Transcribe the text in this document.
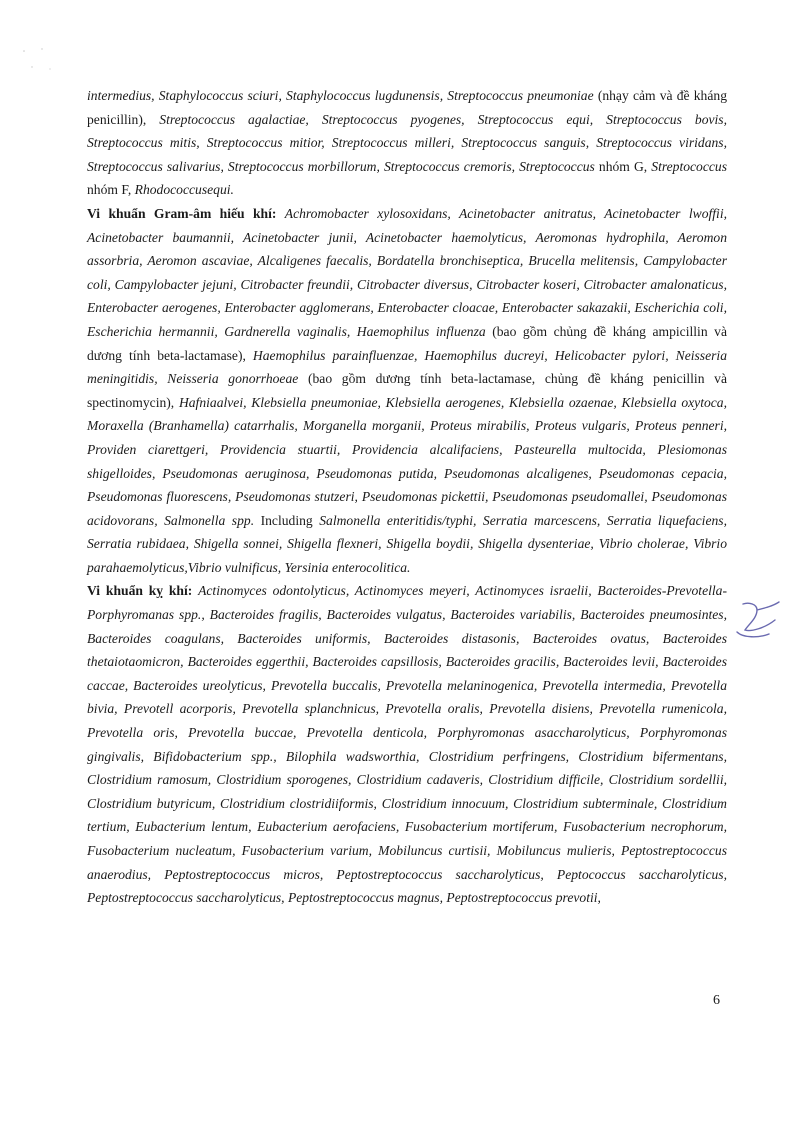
intermedius, Staphylococcus sciuri, Staphylococcus lugdunensis, Streptococcus pneumoniae (nhạy cảm và đề kháng penicillin), Streptococcus agalactiae, Streptococcus pyogenes, Streptococcus equi, Streptococcus bovis, Streptococcus mitis, Streptococcus mitior, Streptococcus milleri, Streptococcus sanguis, Streptococcus viridans, Streptococcus salivarius, Streptococcus morbillorum, Streptococcus cremoris, Streptococcus nhóm G, Streptococcus nhóm F, Rhodococcusequi.

Vi khuẩn Gram-âm hiếu khí: Achromobacter xylosoxidans, Acinetobacter anitratus, Acinetobacter lwoffii, Acinetobacter baumannii, Acinetobacter junii, Acinetobacter haemolyticus, Aeromonas hydrophila, Aeromon assorbria, Aeromon ascaviae, Alcaligenes faecalis, Bordatella bronchiseptica, Brucella melitensis, Campylobacter coli, Campylobacter jejuni, Citrobacter freundii, Citrobacter diversus, Citrobacter koseri, Citrobacter amalonaticus, Enterobacter aerogenes, Enterobacter agglomerans, Enterobacter cloacae, Enterobacter sakazakii, Escherichia coli, Escherichia hermannii, Gardnerella vaginalis, Haemophilus influenza (bao gồm chủng đề kháng ampicillin và dương tính beta-lactamase), Haemophilus parainfluenzae, Haemophilus ducreyi, Helicobacter pylori, Neisseria meningitidis, Neisseria gonorrhoeae (bao gồm dương tính beta-lactamase, chủng đề kháng penicillin và spectinomycin), Hafniaalvei, Klebsiella pneumoniae, Klebsiella aerogenes, Klebsiella ozaenae, Klebsiella oxytoca, Moraxella (Branhamella) catarrhalis, Morganella morganii, Proteus mirabilis, Proteus vulgaris, Proteus penneri, Providen ciarettgeri, Providencia stuartii, Providencia alcalifaciens, Pasteurella multocida, Plesiomonas shigelloides, Pseudomonas aeruginosa, Pseudomonas putida, Pseudomonas alcaligenes, Pseudomonas cepacia, Pseudomonas fluorescens, Pseudomonas stutzeri, Pseudomonas pickettii, Pseudomonas pseudomallei, Pseudomonas acidovorans, Salmonella spp. Including Salmonella enteritidis/typhi, Serratia marcescens, Serratia liquefaciens, Serratia rubidaea, Shigella sonnei, Shigella flexneri, Shigella boydii, Shigella dysenteriae, Vibrio cholerae, Vibrio parahaemolyticus,Vibrio vulnificus, Yersinia enterocolitica.

Vi khuẩn kỵ khí: Actinomyces odontolyticus, Actinomyces meyeri, Actinomyces israelii, Bacteroides-Prevotella-Porphyromanas spp., Bacteroides fragilis, Bacteroides vulgatus, Bacteroides variabilis, Bacteroides pneumosintes, Bacteroides coagulans, Bacteroides uniformis, Bacteroides distasonis, Bacteroides ovatus, Bacteroides thetaiotaomicron, Bacteroides eggerthii, Bacteroides capsillosis, Bacteroides gracilis, Bacteroides levii, Bacteroides caccae, Bacteroides ureolyticus, Prevotella buccalis, Prevotella melaninogenica, Prevotella intermedia, Prevotella bivia, Prevotell acorporis, Prevotella splanchnicus, Prevotella oralis, Prevotella disiens, Prevotella rumenicola, Prevotella oris, Prevotella buccae, Prevotella denticola, Porphyromonas asaccharolyticus, Porphyromonas gingivalis, Bifidobacterium spp., Bilophila wadsworthia, Clostridium perfringens, Clostridium bifermentans, Clostridium ramosum, Clostridium sporogenes, Clostridium cadaveris, Clostridium difficile, Clostridium sordellii, Clostridium butyricum, Clostridium clostridiiformis, Clostridium innocuum, Clostridium subterminale, Clostridium tertium, Eubacterium lentum, Eubacterium aerofaciens, Fusobacterium mortiferum, Fusobacterium necrophorum, Fusobacterium nucleatum, Fusobacterium varium, Mobiluncus curtisii, Mobiluncus mulieris, Peptostreptococcus anaerodius, Peptostreptococcus micros, Peptostreptococcus saccharolyticus, Peptococcus saccharolyticus, Peptostreptococcus saccharolyticus, Peptostreptococcus magnus, Peptostreptococcus prevotii,

6
